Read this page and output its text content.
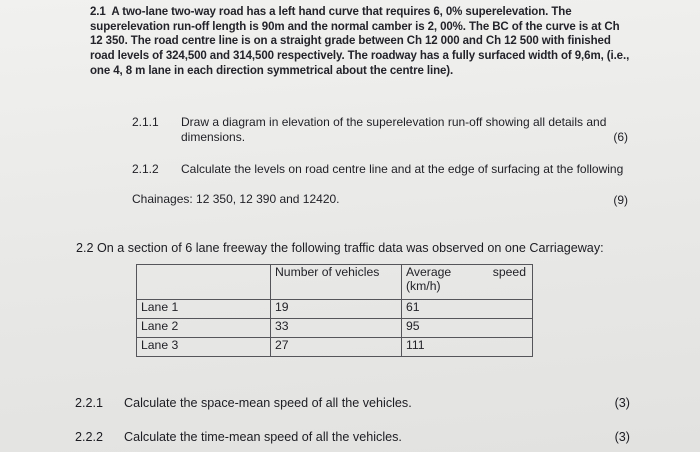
2.1 A two-lane two-way road has a left hand curve that requires 6, 0% superelevation. The superelevation run-off length is 90m and the normal camber is 2, 00%. The BC of the curve is at Ch 12 350. The road centre line is on a straight grade between Ch 12 000 and Ch 12 500 with finished road levels of 324,500 and 314,500 respectively. The roadway has a fully surfaced width of 9,6m, (i.e., one 4, 8 m lane in each direction symmetrical about the centre line).
2.1.1 Draw a diagram in elevation of the superelevation run-off showing all details and dimensions.	(6)
2.1.2 Calculate the levels on road centre line and at the edge of surfacing at the following
Chainages: 12 350, 12 390 and 12420.	(9)
2.2 On a section of 6 lane freeway the following traffic data was observed on one Carriageway:
	Number of vehicles	Average speed
(km/h)

Lane 1	19	61
Lane 2	33	95
Lane 3	27	111
2.2.1 Calculate the space-mean speed of all the vehicles.	(3)
2.2.2 Calculate the time-mean speed of all the vehicles.	(3)
